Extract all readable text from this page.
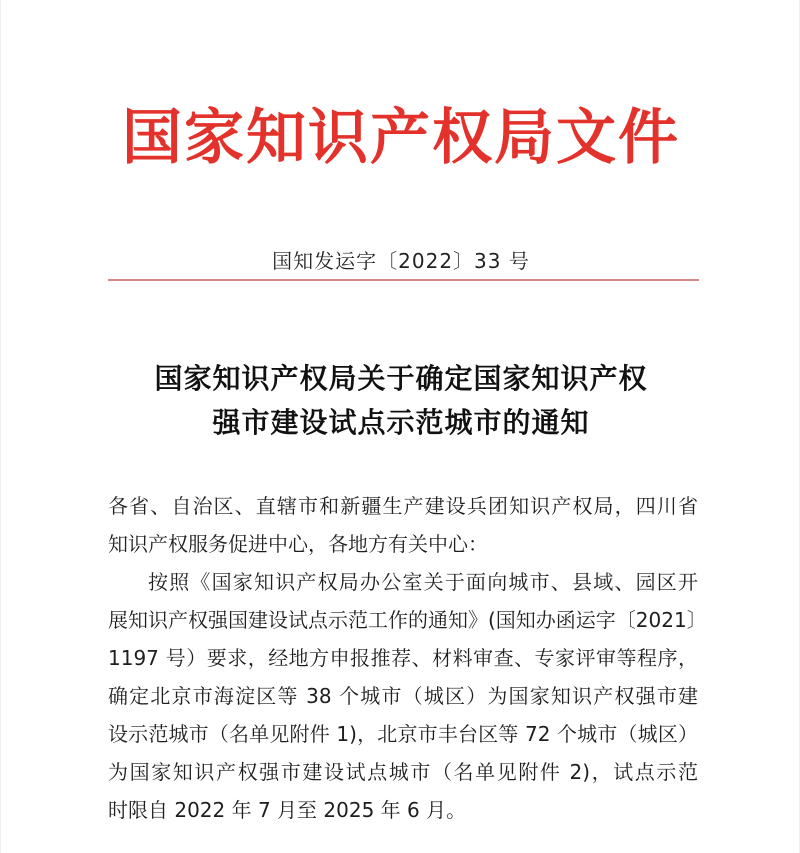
国家知识产权局文件
国知发运字〔2022〕33 号
国家知识产权局关于确定国家知识产权
强市建设试点示范城市的通知
各省、自治区、直辖市和新疆生产建设兵团知识产权局，四川省
知识产权服务促进中心，各地方有关中心：
按照《国家知识产权局办公室关于面向城市、县域、园区开
展知识产权强国建设试点示范工作的通知》(国知办函运字〔2021〕
1197 号）要求，经地方申报推荐、材料审查、专家评审等程序，
确定北京市海淀区等 38 个城市（城区）为国家知识产权强市建
设示范城市（名单见附件 1)，北京市丰台区等 72 个城市（城区）
为国家知识产权强市建设试点城市（名单见附件 2)，试点示范
时限自 2022 年 7 月至 2025 年 6 月。
